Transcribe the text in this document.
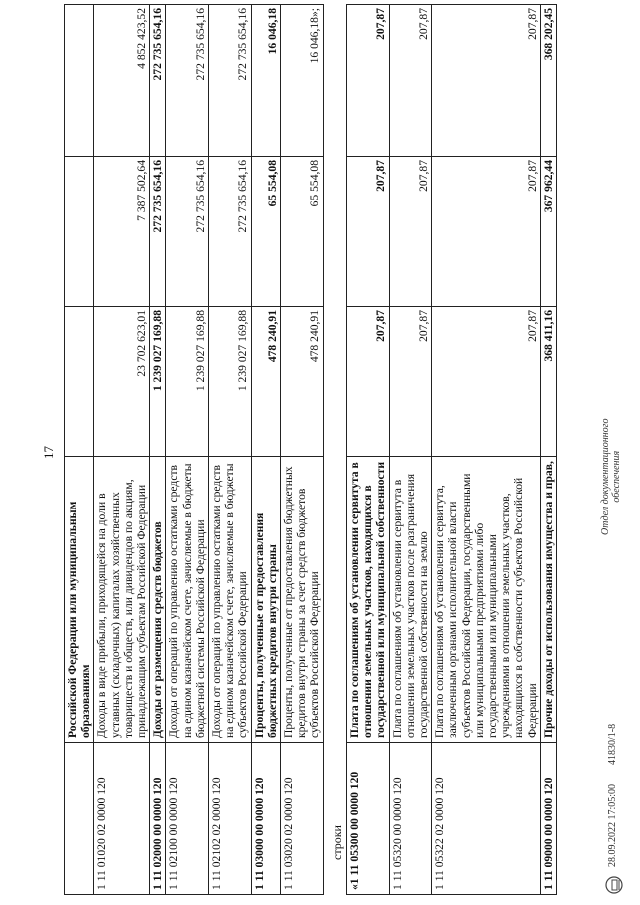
17
	Российской Федерации или муниципальным образованиям			
1 11 01020 02 0000 120	Доходы в виде прибыли, приходящейся на доли в уставных (складочных) капиталах хозяйственных товариществ и обществ, или дивидендов по акциям, принадлежащим субъектам Российской Федерации	23 702 623,01	7 387 502,64	4 852 423,52
1 11 02000 00 0000 120	Доходы от размещения средств бюджетов	1 239 027 169,88	272 735 654,16	272 735 654,16
1 11 02100 00 0000 120	Доходы от операций по управлению остатками средств на едином казначейском счете, зачисляемые в бюджеты бюджетной системы Российской Федерации	1 239 027 169,88	272 735 654,16	272 735 654,16
1 11 02102 02 0000 120	Доходы от операций по управлению остатками средств на едином казначейском счете, зачисляемые в бюджеты субъектов Российской Федерации	1 239 027 169,88	272 735 654,16	272 735 654,16
1 11 03000 00 0000 120	Проценты, полученные от предоставления бюджетных кредитов внутри страны	478 240,91	65 554,08	16 046,18
1 11 03020 02 0000 120	Проценты, полученные от предоставления бюджетных кредитов внутри страны за счет средств бюджетов субъектов Российской Федерации	478 240,91	65 554,08	16 046,18»;
строки «1 11 05300 00 0000 120	Плата по соглашениям об установлении сервитута в отношении земельных участков, находящихся в государственной или муниципальной собственности	207,87	207,87	207,87
1 11 05320 00 0000 120	Плата по соглашениям об установлении сервитута в отношении земельных участков после разграничения государственной собственности на землю	207,87	207,87	207,87
1 11 05322 02 0000 120	Плата по соглашениям об установлении сервитута, заключенным органами исполнительной власти субъектов Российской Федерации, государственными или муниципальными предприятиями либо государственными или муниципальными учреждениями в отношении земельных участков, находящихся в собственности субъектов Российской Федерации	207,87	207,87	207,87
1 11 09000 00 0000 120	Прочие доходы от использования имущества и прав,	368 411,16	367 962,44	368 202,45
28.09.2022 17:05:00
41830/1-8
Отдел документационного обеспечения
